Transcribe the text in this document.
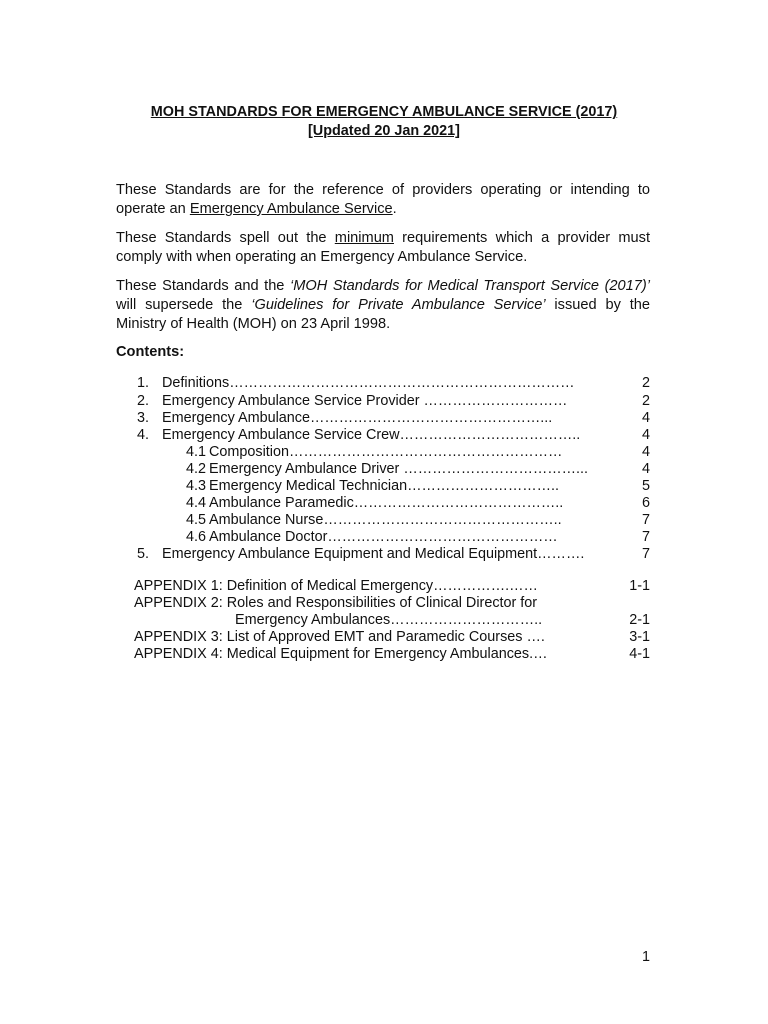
MOH STANDARDS FOR EMERGENCY AMBULANCE SERVICE (2017)

[Updated 20 Jan 2021]

These Standards are for the reference of providers operating or intending to operate an Emergency Ambulance Service.

These Standards spell out the minimum requirements which a provider must comply with when operating an Emergency Ambulance Service.

These Standards and the ‘MOH Standards for Medical Transport Service (2017)’ will supersede the ‘Guidelines for Private Ambulance Service’ issued by the Ministry of Health (MOH) on 23 April 1998.

Contents:
1. Definitions………………………………………………………………	2
2. Emergency Ambulance Service Provider …………………………	2
3. Emergency Ambulance…………………………………………...	4
4. Emergency Ambulance Service Crew………………………………..	4
4.1 Composition…………………………………………………	4
4.2 Emergency Ambulance Driver ………………………………...	4
4.3 Emergency Medical Technician…………………………..	5
4.4 Ambulance Paramedic……………………………………..	6
4.5 Ambulance Nurse…………………………………………..	7
4.6 Ambulance Doctor…………………………………………	7
5. Emergency Ambulance Equipment and Medical Equipment……….	7
APPENDIX 1: Definition of Medical Emergency…………….……	1-1
APPENDIX 2: Roles and Responsibilities of Clinical Director for
Emergency Ambulances…………………………..	2-1
APPENDIX 3: List of Approved EMT and Paramedic Courses ….	3-1
APPENDIX 4: Medical Equipment for Emergency Ambulances.…	4-1
1
